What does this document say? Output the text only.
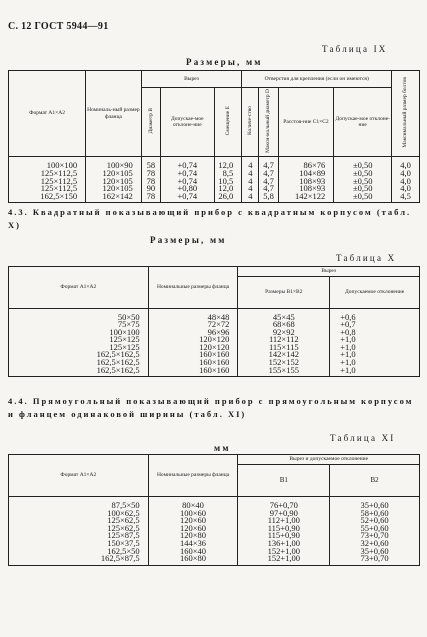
С. 12 ГОСТ 5944—91
Размеры, мм
Таблица IX
Формат A1×A2	Номиналь-ный размер фланца	Вырез			Отверстия для крепления (если он имеются)				Максимальный размер болтов
		Диаметр B	Допускае-мое отклоне-ние	Смещение E	Количе-ство	Макси-мальный диаметр D	Расстоя-ние C1×C2	Допускае-мое отклоне-ние	
100×100	100×90	58	+0,74	12,0	4	4,7	86×76	±0,50	4,0
125×112,5	120×105	78	+0,74	8,5	4	4,7	104×89	±0,50	4,0
125×112,5	120×105	78	+0,74	10,5	4	4,7	108×93	±0,50	4,0
125×112,5	120×105	90	+0,80	12,0	4	4,7	108×93	±0,50	4,0
162,5×150	162×142	78	+0,74	26,0	4	5,8	142×122	±0,50	4,5
4.3. Квадратный показывающий прибор с квадратным корпусом (табл. X)
Размеры, мм
Таблица X
Формат A1×A2	Номинальные размеры фланца	Вырез	
		Размеры B1×B2	Допускаемое отклонение
50×50	48×48	45×45	+0,6
75×75	72×72	68×68	+0,7
100×100	96×96	92×92	+0,8
125×125	120×120	112×112	+1,0
125×125	120×120	115×115	+1,0
162,5×162,5	160×160	142×142	+1,0
162,5×162,5	160×160	152×152	+1,0
162,5×162,5	160×160	155×155	+1,0
4.4. Прямоугольный показывающий прибор с прямоугольным корпусом и фланцем одинаковой ширины (табл. XI)
мм
Таблица XI
Формат A1×A2	Номинальные размеры фланца	Вырез и допускаемое отклонение	
		B1	B2
87,5×50	80×40	76+0,70	35+0,60
100×62,5	100×60	97+0,90	58+0,60
125×62,5	120×60	112+1,00	52+0,60
125×62,5	120×60	115+0,90	55+0,60
125×87,5	120×80	115+0,90	73+0,70
150×37,5	144×36	136+1,00	32+0,60
162,5×50	160×40	152+1,00	35+0,60
162,5×87,5	160×80	152+1,00	73+0,70
